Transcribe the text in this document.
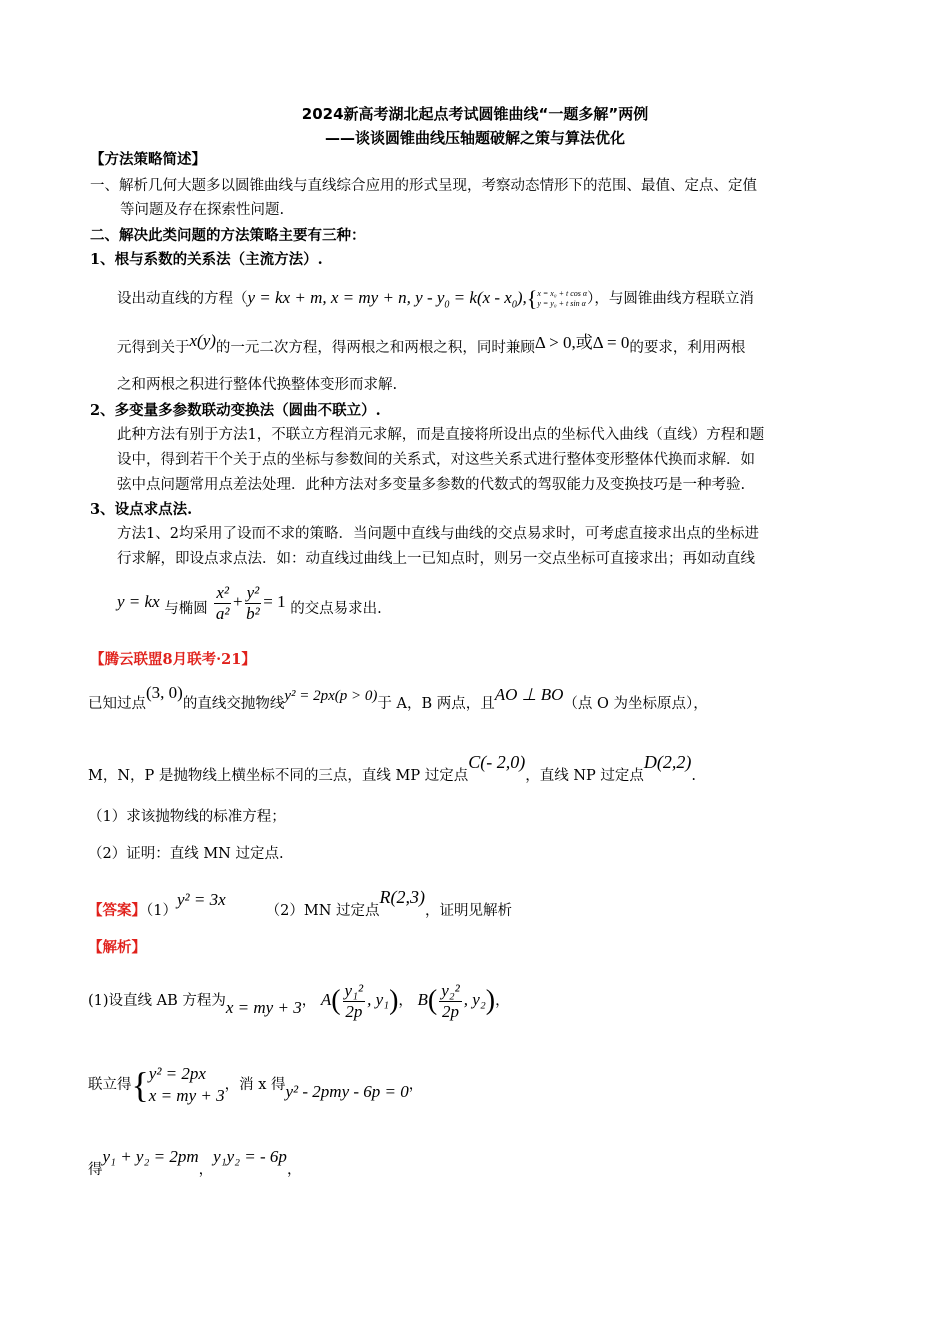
2024新高考湖北起点考试圆锥曲线“一题多解”两例
——谈谈圆锥曲线压轴题破解之策与算法优化
【方法策略简述】
一、解析几何大题多以圆锥曲线与直线综合应用的形式呈现，考察动态情形下的范围、最值、定点、定值
等问题及存在探索性问题.
二、解决此类问题的方法策略主要有三种：
1、根与系数的关系法（主流方法）.
设出动直线的方程（y = kx + m, x = my + n, $y - y_0 = k(x - x_0)$,{ x = x₀ + t cos α
y = y₀ + t sin α ），与圆锥曲线方程联立消
元得到关于x(y)的一元二次方程，得两根之和两根之积，同时兼顾Δ > 0,或Δ = 0的要求，利用两根
之和两根之积进行整体代换整体变形而求解.
2、多变量多参数联动变换法（圆曲不联立）.
此种方法有别于方法1，不联立方程消元求解，而是直接将所设出点的坐标代入曲线（直线）方程和题
设中，得到若干个关于点的坐标与参数间的关系式，对这些关系式进行整体变形整体代换而求解．如
弦中点问题常用点差法处理．此种方法对多变量多参数的代数式的驾驭能力及变换技巧是一种考验.
3、设点求点法.
方法1、2均采用了设而不求的策略．当问题中直线与曲线的交点易求时，可考虑直接求出点的坐标进
行求解，即设点求点法．如：动直线过曲线上一已知点时，则另一交点坐标可直接求出；再如动直线
y = kx 与椭圆 $\frac{\text{x²}}{\text{a²}} + \frac{\text{y²}}{\text{b²}} = 1$ 的交点易求出.
【腾云联盟8月联考·21】
已知过点(3, 0)的直线交抛物线y² = 2px(p > 0)于 A，B 两点，且AO ⊥ BO（点 O 为坐标原点），
M，N，P 是抛物线上横坐标不同的三点，直线 MP 过定点C(- 2,0)，直线 NP 过定点D(2,2).
（1）求该抛物线的标准方程；
（2）证明：直线 MN 过定点.
【答案】（1）y² = 3x（2）MN 过定点R(2,3)，证明见解析
【解析】
(1)设直线 AB 方程为x = my + 3， $A( \frac{\text{y₁²}}{2p}$ , y₁)， $B( \frac{\text{y₂²}}{2p}$ , y₂)，
联立得{ y² = 2px
x = my + 3
，消 x 得y² - 2pmy - 6p = 0，
得y₁ + y₂ = 2pm，y₁y₂ = - 6p，
